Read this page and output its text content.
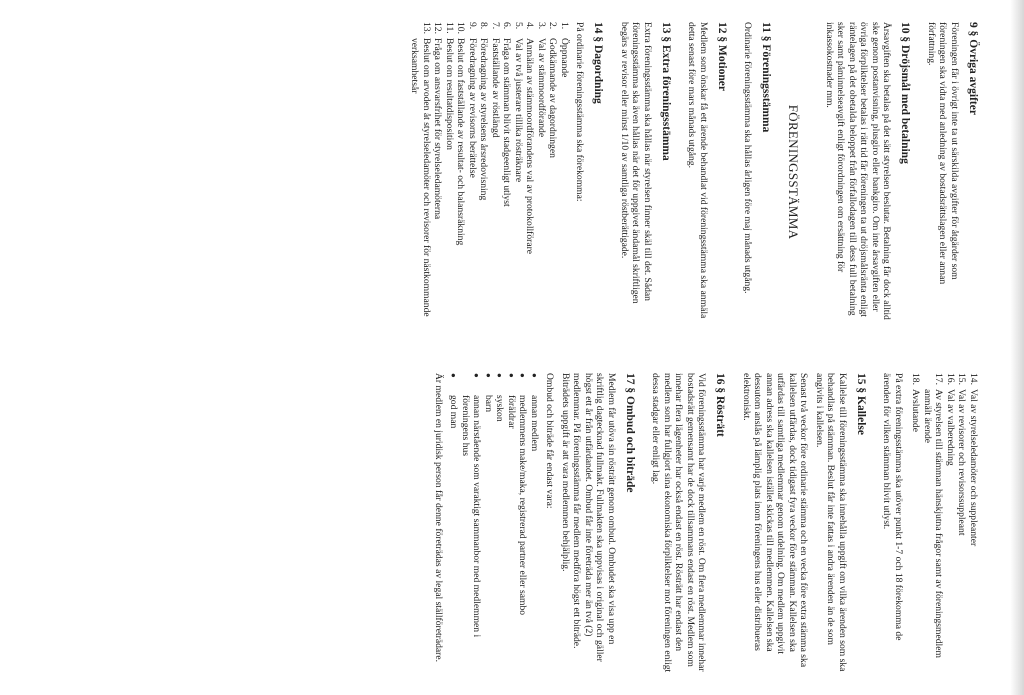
9 § Övriga avgifter

Föreningen får i övrigt inte ta ut särskilda avgifter för åtgärder som föreningen ska vidta med anledning av bostadsrättslagen eller annan författning.

10 § Dröjsmål med betalning

Årsavgiften ska betalas på det sätt styrelsen beslutar. Betalning får dock alltid ske genom postanvisning, plusgiro eller bankgiro. Om inte årsavgiften eller övriga förpliktelser betalas i rätt tid får föreningen ta ut dröjsmålsränta enligt räntelagen på det obetalda beloppet från förfallodagen till dess full betalning sker samt påminnelseavgift enligt förordningen om ersättning för inkassokostnader mm.

FÖRENINGSSTÄMMA
11 § Föreningsstämma

Ordinarie föreningsstämma ska hållas årligen före maj månads utgång.

12 § Motioner

Medlem som önskar få ett ärende behandlat vid föreningsstämma ska anmäla detta senast före mars månads utgång.

13 § Extra föreningsstämma

Extra föreningsstämma ska hållas när styrelsen finner skäl till det. Sådan föreningsstämma ska även hållas när det för uppgivet ändamål skriftligen begärs av revisor eller minst 1/10 av samtliga röstberättigade.

14 § Dagordning

På ordinarie föreningsstämma ska förekomma:

1.
Öppnande
2.
Godkännande av dagordningen
3.
Val av stämmoordförande
4.
Anmälan av stämmoordförandens val av protokollförare
5.
Val av två justerare tillika rösträknare
6.
Fråga om stämman blivit stadgeenligt utlyst
7.
Fastställande av röstlängd
8.
Föredragning av styrelsens årsredovisning
9.
Föredragning av revisorns berättelse
10.
Beslut om fastställande av resultat- och balansräkning
11.
Beslut om resultatdisposition
12.
Fråga om ansvarsfrihet för styrelseledamöterna
13.
Beslut om arvoden åt styrelseledamöter och revisorer för nästkommande verksamhetsår
14.
Val av styrelseledamöter och suppleanter
15.
Val av revisorer och revisorssuppleant
16.
Val av valberedning
17.
Av styrelsen till stämman hänskjutna frågor samt av föreningsmedlem anmält ärende
18.
Avslutande

På extra föreningsstämma ska utöver punkt 1-7 och 18 förekomma de ärenden för vilken stämman blivit utlyst.

15 § Kallelse

Kallelse till föreningsstämma ska innehålla uppgift om vilka ärenden som ska behandlas på stämman. Beslut får inte fattas i andra ärenden än de som angivits i kallelsen.

Senast två veckor före ordinarie stämma och en vecka före extra stämma ska kallelsen utfärdas, dock tidigast fyra veckor före stämman. Kallelsen ska utfärdas till samtliga medlemmar genom utdelning. Om medlem uppgivit annan adress ska kallelsen istället skickas till medlemmen. Kallelsen ska dessutom anslås på lämplig plats inom föreningens hus eller distribueras elektroniskt.

16 § Rösträtt

Vid föreningsstämma har varje medlem en röst. Om flera medlemmar innehar bostadsrätt gemensamt har de dock tillsammans endast en röst. Medlem som innehar flera lägenheter har också endast en röst. Rösträtt har endast den medlem som har fullgjort sina ekonomiska förpliktelser mot föreningen enligt dessa stadgar eller enligt lag.

17 § Ombud och biträde

Medlem får utöva sin rösträtt genom ombud. Ombudet ska visa upp en skriftlig dagtecknad fullmakt. Fullmakten ska uppvisas i original och gäller högst ett år från utfärdandet. Ombud får inte företräda mer än två (2) medlemmar. På föreningsstämma får medlem medföra högst ett biträde. Biträdets uppgift är att vara medlemmen behjälplig.

Ombud och biträde får endast vara:

●
annan medlem
●
medlemmens make/maka, registrerad partner eller sambo
●
föräldrar
●
syskon
●
barn
●
annan närstående som varaktigt sammanbor med medlemmen i föreningens hus
●
god man

Är medlem en juridisk person får denne företrädas av legal ställföreträdare.
